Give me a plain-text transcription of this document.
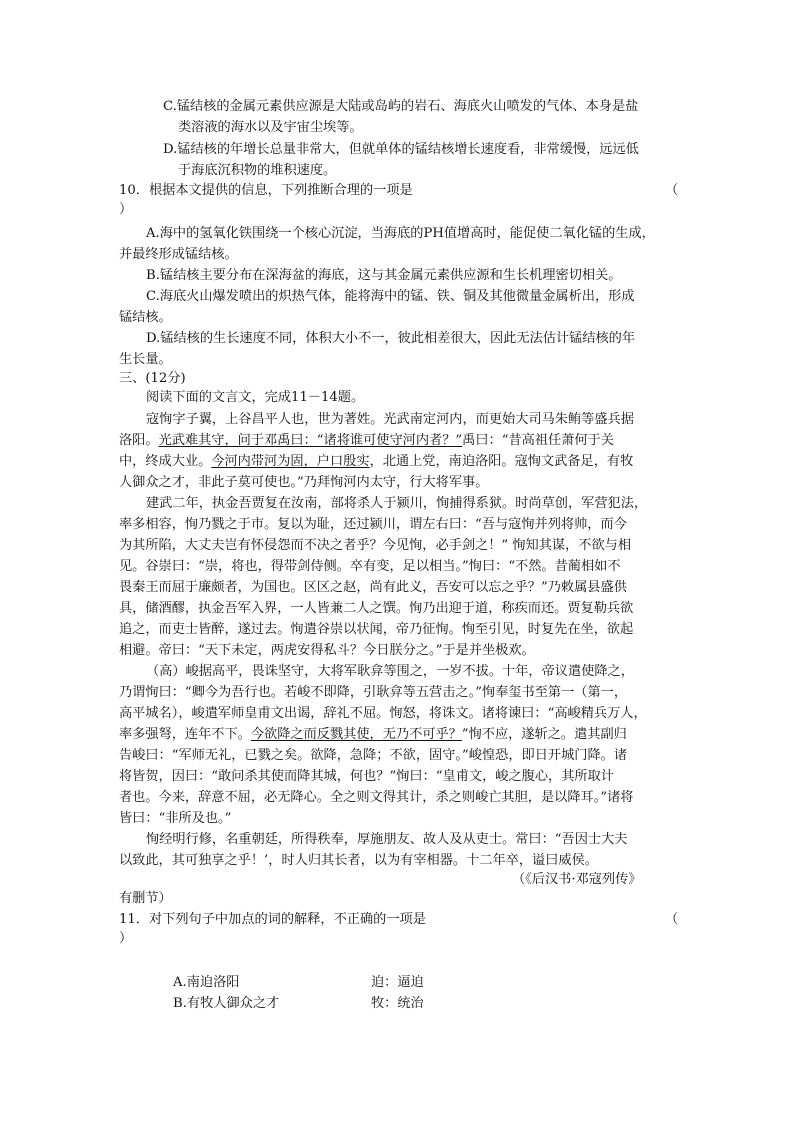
C.锰结核的金属元素供应源是大陆或岛屿的岩石、海底火山喷发的气体、本身是盐
类溶液的海水以及宇宙尘埃等。
D.锰结核的年增长总量非常大，但就单体的锰结核增长速度看，非常缓慢，远远低
于海底沉积物的堆积速度。
10．根据本文提供的信息，下列推断合理的一项是	（
）
A.海中的氢氧化铁围绕一个核心沉淀，当海底的PH值增高时，能促使二氧化锰的生成，
并最终形成锰结核。
B.锰结核主要分布在深海盆的海底，这与其金属元素供应源和生长机理密切相关。
C.海底火山爆发喷出的炽热气体，能将海中的锰、铁、铜及其他微量金属析出，形成
锰结核。
D.锰结核的生长速度不同，体积大小不一，彼此相差很大，因此无法估计锰结核的年
生长量。
三、(12分)
阅读下面的文言文，完成11－14题。
寇恂字子翼，上谷昌平人也，世为著姓。光武南定河内，而更始大司马朱鲔等盛兵据
洛阳。光武难其守，问于邓禹曰：“诸将谁可使守河内者？”禹曰：“昔高祖任萧何于关
中，终成大业。今河内带河为固，户口殷实，北通上党，南迫洛阳。寇恂文武备足，有牧
人御众之才，非此子莫可使也。”乃拜恂河内太守，行大将军事。
建武二年，执金吾贾复在汝南，部将杀人于颍川，恂捕得系狱。时尚草创，军营犯法，
率多相容，恂乃戮之于市。复以为耻，还过颍川，谓左右曰：“吾与寇恂并列将帅，而今
为其所陷，大丈夫岂有怀侵怨而不决之者乎？今见恂，必手剑之！” 恂知其谋，不欲与相
见。谷崇曰：“崇，将也，得带剑侍侧。卒有变，足以相当。”恂曰：“不然。昔蔺相如不
畏秦王而屈于廉颇者，为国也。区区之赵，尚有此义，吾安可以忘之乎？”乃敕属县盛供
具，储酒醪，执金吾军入界，一人皆兼二人之馔。恂乃出迎于道，称疾而还。贾复勒兵欲
追之，而吏士皆醉，遂过去。恂遣谷崇以状闻，帝乃征恂。恂至引见，时复先在坐，欲起
相避。帝曰：“天下未定，两虎安得私斗？今日朕分之。”于是并坐极欢。
（高）峻据高平，畏诛坚守，大将军耿弇等围之，一岁不拔。十年，帝议遣使降之，
乃谓恂曰：“卿今为吾行也。若峻不即降，引耿弇等五营击之。”恂奉玺书至第一（第一，
高平城名），峻遣军师皇甫文出谒，辞礼不屈。恂怒，将诛文。诸将谏曰：“高峻精兵万人，
率多强弩，连年不下。今欲降之而反戮其使，无乃不可乎？”恂不应，遂斩之。遣其副归
告峻曰：“军师无礼，已戮之矣。欲降，急降；不欲，固守。”峻惶恐，即日开城门降。诸
将皆贺，因曰：“敢问杀其使而降其城，何也？”恂曰：“皇甫文，峻之腹心，其所取计
者也。今来，辞意不屈，必无降心。全之则文得其计，杀之则峻亡其胆，是以降耳。”诸将
皆曰：“非所及也。”
恂经明行修，名重朝廷，所得秩奉，厚施朋友、故人及从吏士。常曰：“吾因士大夫
以致此，其可独享之乎！’，时人归其长者，以为有宰相器。十二年卒，谥曰威侯。
（《后汉书·邓寇列传》
有删节）
11．对下列句子中加点的词的解释，不正确的一项是	（
）
A.南迫洛阳	迫：逼迫
B.有牧人御众之才	牧：统治
